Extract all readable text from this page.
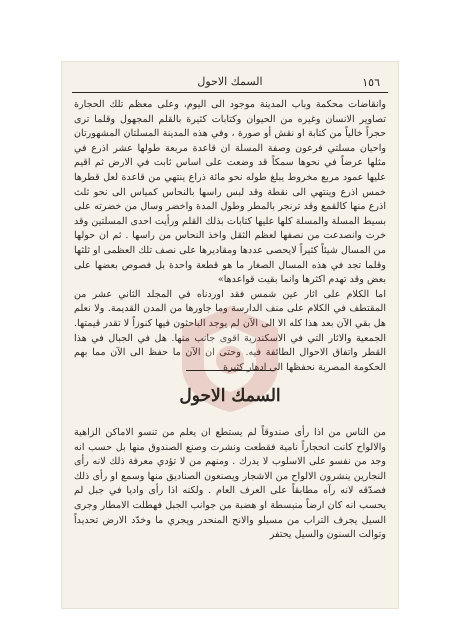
١٥٦
السمك الاحول

وانقاضات محكمة وباب المدينة موجود الى اليوم، وعلى معظم تلك الحجارة تصاوير الانسان وغيره من الحيوان وكتابات كثيرة بالقلم المجهول وقلما ترى حجراً خالياً من كتابة او نقش أو صورة ، وفي هذه المدينة المسلتان المشهورتان واحيان مسلتي فرعون وصفة المسلة ان قاعدة مربعة طولها عشر اذرع في مثلها عرضاً في نحوها سمكاً قد وضعت على اساس ثابت في الارض ثم اقيم عليها عمود مربع مخروط يبلغ طوله نحو مائة ذراع ينتهي من قاعدة لعل قطرها خمس اذرع وينتهي الى نقطة وقد لبس راسها بالنحاس كمياس الى نحو ثلث اذرع منها كالقمع وقد ترنجر بالمطر وطول المدة واخضر وسال من خضرته على بسيط المسلة والمسلة كلها عليها كتابات بذلك القلم ورأيت احدى المسلتين وقد خرت وانصدعت من نصفها لعظم الثقل واخذ النحاس من راسها . ثم ان حولها من المسال شيئاً كثيراً لايحصى عددها ومقاديرها على نصف تلك العظمى او ثلثها وقلما تجد في هذه المسال الصغار ما هو قطعة واحدة بل فصوص بعضها على بعض وقد تهدم اكثرها وانما بقيت قواعدها»

اما الكلام على اثار عين شمس فقد اوردناه في المجلد الثاني عشر من المقتطف في الكلام على منف الدارسة وما جاورها من المدن القديمة. ولا نعلم هل بقي الآن بعد هذا كله الا الى الآن لم يوجد الباحثون فيها كنوزاً لا تقدر قيمتها. الجمعية والاثار التي في الاسكندرية اقوى جانب منها. هل في الجبال في هذا القطر واتفاق الاحوال الطائفة فيه. وحتى ان الآن ما حفظ الى الآن مما بهم الحكومة المصرية نحفظها الى ادهار كثيرة

السمك الاحول

من الناس من اذا رأى صندوقاً لم يستطع ان يعلم من تنسو الاماكن الزاهية والالواح كانت انحجاراً نامية فقطعت ونشرت وصنع الصندوق منها بل حسب انه وجد من نفسو على الاسلوب لا يدرك . ومنهم من لا تؤدي معرفة ذلك لانه رأى النجارين ينشرون الالواح من الاشجار ويصنعون الصناديق منها وسمع او رأى ذلك فصدّقه لانه رآه مطابقاً على العرف العام . ولكنه اذا رأى واديا في جبل لم يحسب انه كان ارضاً منبسطة او هضبة من جوانب الجبل فهطلت الامطار وجرى السيل يجرف التراب من مسيلو والانح المنحدر ويجري ما وخدّد الارض تحديداً وتوالت السنون والسيل يحتفر
